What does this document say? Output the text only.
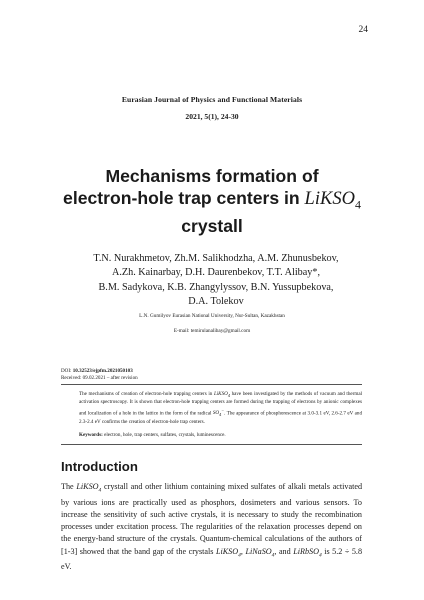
24
Eurasian Journal of Physics and Functional Materials
2021, 5(1), 24-30
Mechanisms formation of
electron-hole trap centers in LiKSO$_4$
crystall
T.N. Nurakhmetov, Zh.M. Salikhodzha, A.M. Zhunusbekov,
A.Zh. Kainarbay, D.H. Daurenbekov, T.T. Alibay*,
B.M. Sadykova, K.B. Zhangylyssov, B.N. Yussupbekova,
D.A. Tolekov
L.N. Gumilyov Eurasian National University, Nur-Sultan, Kazakhstan
E-mail: temirulanalibay@gmail.com
DOI: 10.32523/ejpfm.2021050103
Received: 09.02.2021 – after revision
The mechanisms of creation of electron-hole trapping centers in LiKSO$_4$ have been investigated by the methods of vacuum and thermal activation spectroscopy. It is shown that electron-hole trapping centers are formed during the trapping of electrons by anionic complexes and localization of a hole in the lattice in the form of the radical $SO_4^-$. The appearance of phosphorescence at 3.0-3.1 eV, 2.6-2.7 eV and 2.3-2.4 eV confirms the creation of electron-hole trap centers.
Keywords: electron, hole, trap centers, sulfates, crystals, luminescence.
Introduction
The LiKSO$_4$ crystall and other lithium containing mixed sulfates of alkali metals activated by various ions are practically used as phosphors, dosimeters and various sensors. To increase the sensitivity of such active crystals, it is necessary to study the recombination processes under excitation process. The regularities of the relaxation processes depend on the energy-band structure of the crystals. Quantum-chemical calculations of the authors of [1-3] showed that the band gap of the crystals LiKSO$_4$, LiNaSO$_4$, and LiRbSO$_4$ is 5.2 ÷ 5.8 eV.
